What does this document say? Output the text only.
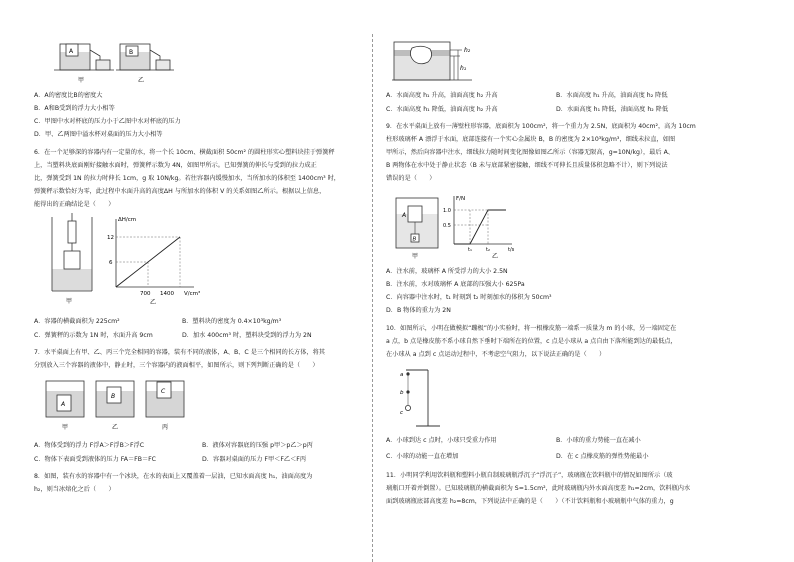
A	B
甲	乙
A．A的密度比B的密度大
B．A和B受到的浮力大小相等
C．甲图中水对杯底的压力小于乙图中水对杯底的压力
D．甲、乙两图中溢水杯对桌面的压力大小相等
6．在一个足够深的容器内有一定量的水，将一个长 10cm、横截面积 50cm² 的圆柱形实心塑料块挂于弹簧秤
上，当塑料块底面刚好接触水面时，弹簧秤示数为 4N，如图甲所示。已知弹簧的伸长与受到的拉力成正
比，弹簧受到 1N 的拉力时伸长 1cm，g 取 10N/kg。若往容器内缓慢加水，当所加水的体积至 1400cm³ 时，
弹簧秤示数恰好为零，此过程中水面升高的高度ΔH 与所加水的体积 V 的关系如图乙所示。根据以上信息，
能得出的正确结论是（　　）
甲
ΔH/cm
12
6
700 1400 V/cm³
乙
A．容器的横截面积为 225cm²	B．塑料块的密度为 0.4×10³kg/m³
C．弹簧秤的示数为 1N 时，水面升高 9cm	D．加水 400cm³ 时，塑料块受到的浮力为 2N
7．水平桌面上有甲、乙、丙三个完全相同的容器，装有不同的液体，A、B、C 是三个相同的长方体，将其
分别放入三个容器的液体中，静止时，三个容器内的液面相平，如图所示，则下列判断正确的是（　　）
A
甲
B
乙
C
丙
A．物体受到的浮力 F浮A＞F浮B＞F浮C	B．液体对容器底的压强 p甲＞p乙＞p丙
C．物体下表面受到液体的压力 FA＝FB＝FC	D．容器对桌面的压力 F甲＜F乙＜F丙
8．如图，装有水的容器中有一个冰块，在水的表面上又覆盖着一层油，已知水面高度 h₁，油面高度为
h₂，则当冰熔化之后（　　）
h₂
h₁
A．水面高度 h₁ 升高，油面高度 h₂ 升高	B．水面高度 h₁ 升高，油面高度 h₂ 降低
C．水面高度 h₁ 降低，油面高度 h₂ 升高	D．水面高度 h₁ 降低，油面高度 h₂ 降低
9．在水平桌面上放有一薄壁柱形容器，底面积为 100cm²，将一个重力为 2.5N，底面积为 40cm²，高为 10cm
柱形玻璃杯 A 漂浮于水面，底部连接有一个实心金属块 B，B 的密度为 2×10³kg/m³，细线未拉直，如图
甲所示，然后向容器中注水，细线拉力随时间变化图像如图乙所示（容器无限高，g=10N/kg），最后 A、
B 两物体在水中处于静止状态（B 未与底部紧密接触，细线不可伸长且质量体积忽略不计），则下列说法
错误的是（　　）
A
B
甲
F/N
1.0
0.5
t₁	t₂	t/s
乙
A．注水前，玻璃杯 A 所受浮力的大小 2.5N
B．注水前，水对玻璃杯 A 底部的压强大小 625Pa
C．向容器中注水时，t₁ 时刻到 t₂ 时刻加水的体积为 50cm³
D．B 物体的重力为 2N
10．如图所示，小明在做模拟“蹦极”的小实验时，将一根橡皮筋一端系一质量为 m 的小球，另一端固定在
a 点，b 点是橡皮筋不系小球自然下垂时下端所在的位置，c 点是小球从 a 点自由下落所能到达的最低点，
在小球从 a 点到 c 点运动过程中，不考虑空气阻力，以下说法正确的是（　　）
a
b
c
A．小球到达 c 点时，小球只受重力作用	B．小球的重力势能一直在减小
C．小球的动能一直在增加	D．在 c 点橡皮筋的弹性势能最小
11．小明同学利用饮料瓶和塑料小瓶自制玻璃瓶浮沉子“浮沉子”，玻璃瓶在饮料瓶中的情况如图所示（玻
璃瓶口开着并倒置）。已知玻璃瓶的横截面积为 S=1.5cm²，此时玻璃瓶内外水面高度差 h₁=2cm，饮料瓶内水
面到玻璃瓶底部高度差 h₂=8cm，下列说法中正确的是（　　）（不计饮料瓶和小玻璃瓶中气体的重力，g
